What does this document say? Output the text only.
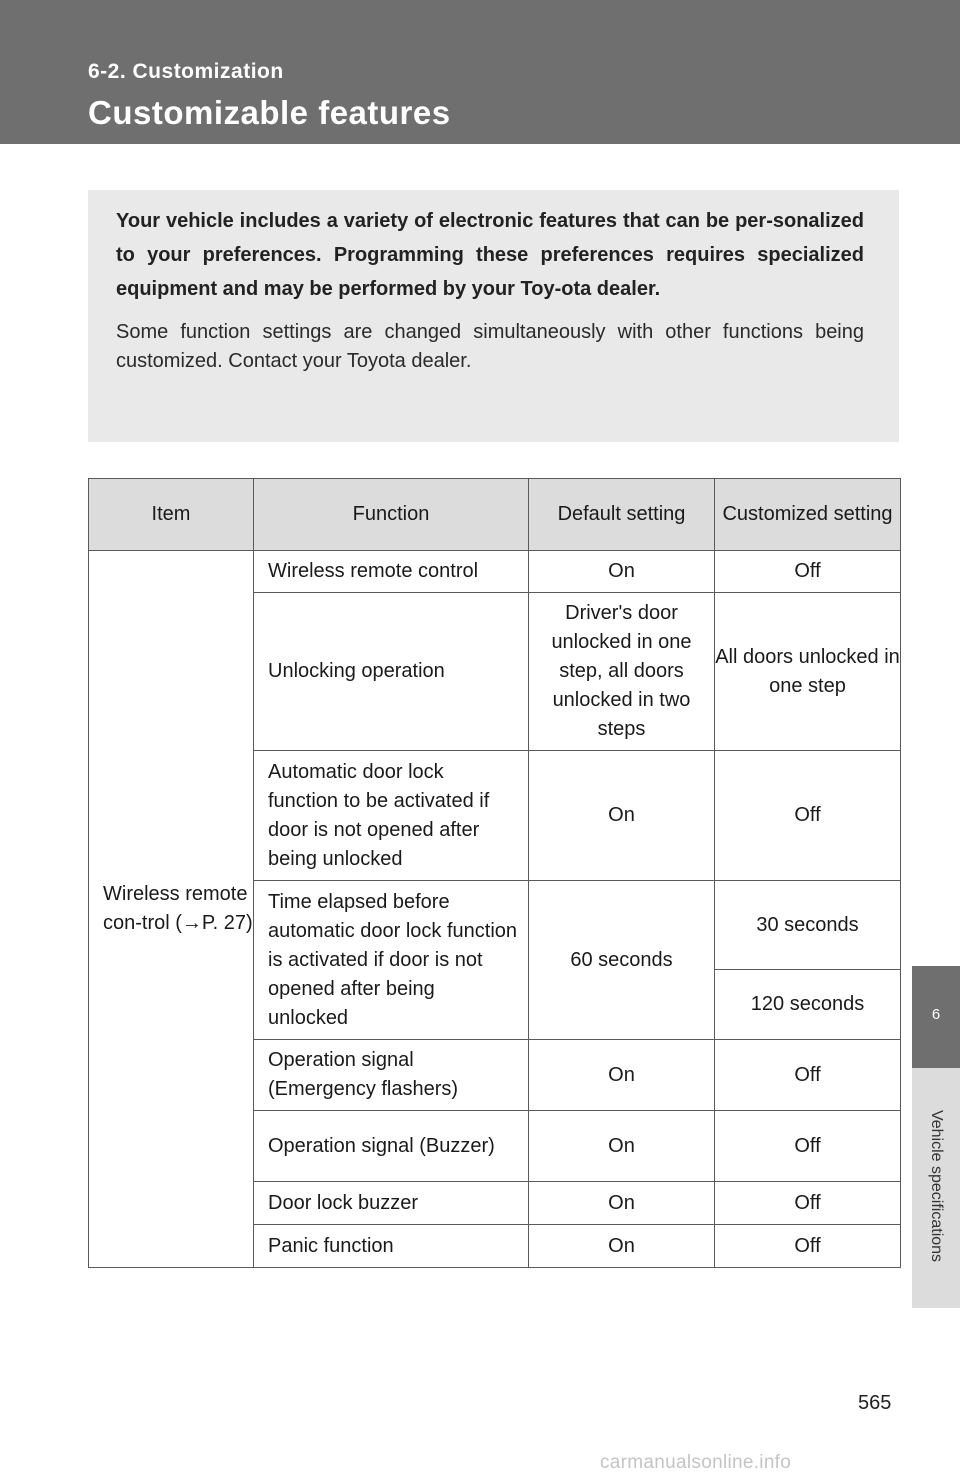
6-2. Customization
Customizable features

Your vehicle includes a variety of electronic features that can be per-sonalized to your preferences. Programming these preferences requires specialized equipment and may be performed by your Toy-ota dealer.

Some function settings are changed simultaneously with other functions being customized. Contact your Toyota dealer.

Item	Function	Default setting	Customized setting
Wireless remote con-trol (→P. 27)	Wireless remote control	On	Off
	Unlocking operation	Driver's door unlocked in one step, all doors unlocked in two steps	All doors unlocked in one step
	Automatic door lock function to be activated if door is not opened after being unlocked	On	Off
	Time elapsed before automatic door lock function is activated if door is not opened after being unlocked	60 seconds	30 seconds
			120 seconds
	Operation signal (Emergency flashers)	On	Off
	Operation signal (Buzzer)	On	Off
	Door lock buzzer	On	Off
	Panic function	On	Off
6
Vehicle specifications
565
carmanualsonline.info
